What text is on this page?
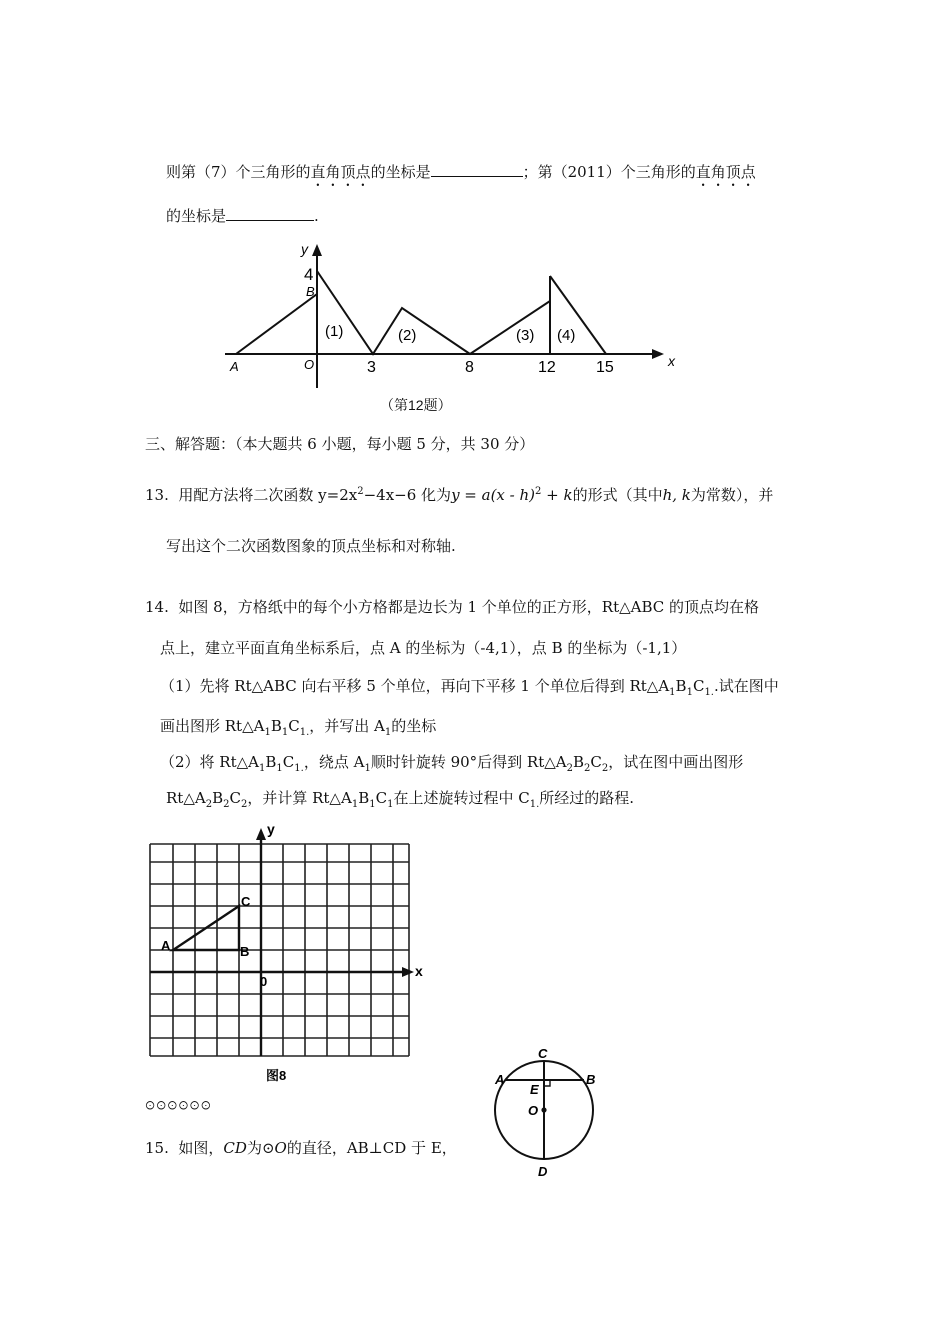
则第（7）个三角形的直角顶点的坐标是	；第（2011）个三角形的直角顶点
的坐标是	.
y
x
4
B
A	O	3	8	12	15
(1)	(2)	(3) (4)
（第12题）
三、解答题：（本大题共 6 小题，每小题 5 分，共 30 分）
13. 用配方法将二次函数 $y=2x^2-4x-6$ 化为y = a(x - h)$^2$ + k的形式（其中h, k为常数），并
写出这个二次函数图象的顶点坐标和对称轴.
14. 如图 8，方格纸中的每个小方格都是边长为 1 个单位的正方形，Rt△ABC 的顶点均在格
点上，建立平面直角坐标系后，点 A 的坐标为（-4,1），点 B 的坐标为（-1,1）
（1）先将 Rt△ABC 向右平移 5 个单位，再向下平移 1 个单位后得到 $Rt\triangle A_1B_1C_{1.}$.试在图中
画出图形 $Rt\triangle A_1B_1C_{1.}$，并写出 $A_1$的坐标
（2）将 $Rt\triangle A_1B_1C_{1.}$，绕点 $A_1$顺时针旋转 90°后得到 $Rt\triangle A_2B_2C_2$，试在图中画出图形
$Rt\triangle A_2B_2C_2$，并计算 $Rt\triangle A_1B_1C_1$在上述旋转过程中 $C_{1.}$所经过的路程.
y
x
C
A	B
0
图8
ꖴꖴꖴꖴꖴꖴ
15. 如图，CD为⊙O的直径，AB⊥CD 于 E，
C
A	B
E
O
D
